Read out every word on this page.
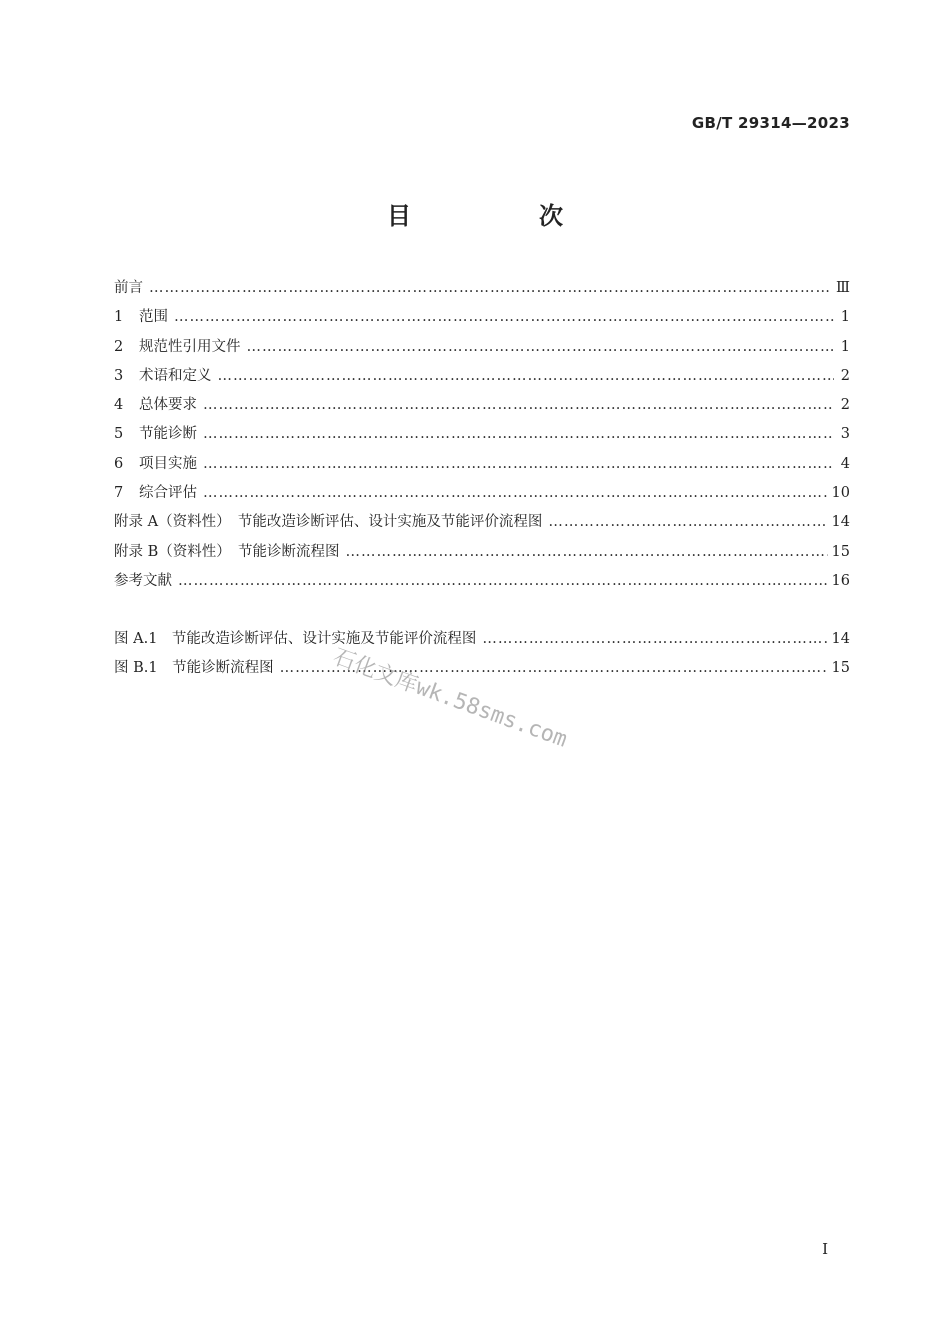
GB/T 29314—2023
目　次
前言 ……………………………………………………………………………………………………………………………………………………………………………………………………	Ⅲ
1	范围 ……………………………………………………………………………………………………………………………………………………………………………………………………	1
2	规范性引用文件 ……………………………………………………………………………………………………………………………………………………………………………………………………	1
3	术语和定义 ……………………………………………………………………………………………………………………………………………………………………………………………………	2
4	总体要求 ……………………………………………………………………………………………………………………………………………………………………………………………………	2
5	节能诊断 ……………………………………………………………………………………………………………………………………………………………………………………………………	3
6	项目实施 ……………………………………………………………………………………………………………………………………………………………………………………………………	4
7	综合评估 ……………………………………………………………………………………………………………………………………………………………………………………………………	10
附录 A（资料性）　节能改造诊断评估、设计实施及节能评价流程图 ……………………………………………………………………………………………………………………………………………………………………………………………………	14
附录 B（资料性）　节能诊断流程图 ……………………………………………………………………………………………………………………………………………………………………………………………………	15
参考文献 ……………………………………………………………………………………………………………………………………………………………………………………………………	16
图 A.1　节能改造诊断评估、设计实施及节能评价流程图 ……………………………………………………………………………………………………………………………………………………………………………………………………	14
图 B.1　节能诊断流程图 ……………………………………………………………………………………………………………………………………………………………………………………………………	15
石化文库wk.58sms.com
I
